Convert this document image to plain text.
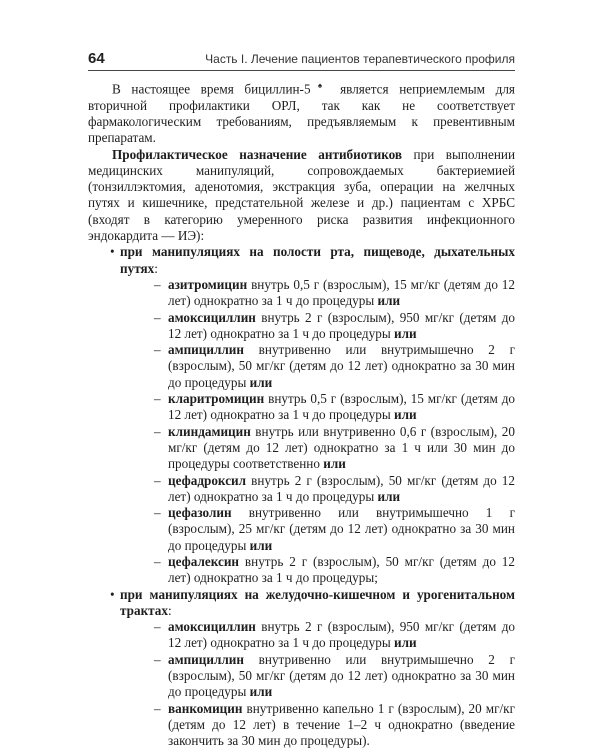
64	Часть I. Лечение пациентов терапевтического профиля

В настоящее время бициллин-5♠ является неприемлемым для вторичной профилактики ОРЛ, так как не соответствует фармакологическим требованиям, предъявляемым к превентивным препаратам.

Профилактическое назначение антибиотиков при выполнении медицинских манипуляций, сопровождаемых бактериемией (тонзиллэктомия, аденотомия, экстракция зуба, операции на желчных путях и кишечнике, предстательной железе и др.) пациентам с ХРБС (входят в категорию умеренного риска развития инфекционного эндокардита — ИЭ):

• при манипуляциях на полости рта, пищеводе, дыхательных путях:
– азитромицин внутрь 0,5 г (взрослым), 15 мг/кг (детям до 12 лет) однократно за 1 ч до процедуры или
– амоксициллин внутрь 2 г (взрослым), 950 мг/кг (детям до 12 лет) однократно за 1 ч до процедуры или
– ампициллин внутривенно или внутримышечно 2 г (взрослым), 50 мг/кг (детям до 12 лет) однократно за 30 мин до процедуры или
– кларитромицин внутрь 0,5 г (взрослым), 15 мг/кг (детям до 12 лет) однократно за 1 ч до процедуры или
– клиндамицин внутрь или внутривенно 0,6 г (взрослым), 20 мг/кг (детям до 12 лет) однократно за 1 ч или 30 мин до процедуры соответственно или
– цефадроксил внутрь 2 г (взрослым), 50 мг/кг (детям до 12 лет) однократно за 1 ч до процедуры или
– цефазолин внутривенно или внутримышечно 1 г (взрослым), 25 мг/кг (детям до 12 лет) однократно за 30 мин до процедуры или
– цефалексин внутрь 2 г (взрослым), 50 мг/кг (детям до 12 лет) однократно за 1 ч до процедуры;
• при манипуляциях на желудочно-кишечном и урогенитальном трактах:
– амоксициллин внутрь 2 г (взрослым), 950 мг/кг (детям до 12 лет) однократно за 1 ч до процедуры или
– ампициллин внутривенно или внутримышечно 2 г (взрослым), 50 мг/кг (детям до 12 лет) однократно за 30 мин до процедуры или
– ванкомицин внутривенно капельно 1 г (взрослым), 20 мг/кг (детям до 12 лет) в течение 1–2 ч однократно (введение закончить за 30 мин до процедуры).
